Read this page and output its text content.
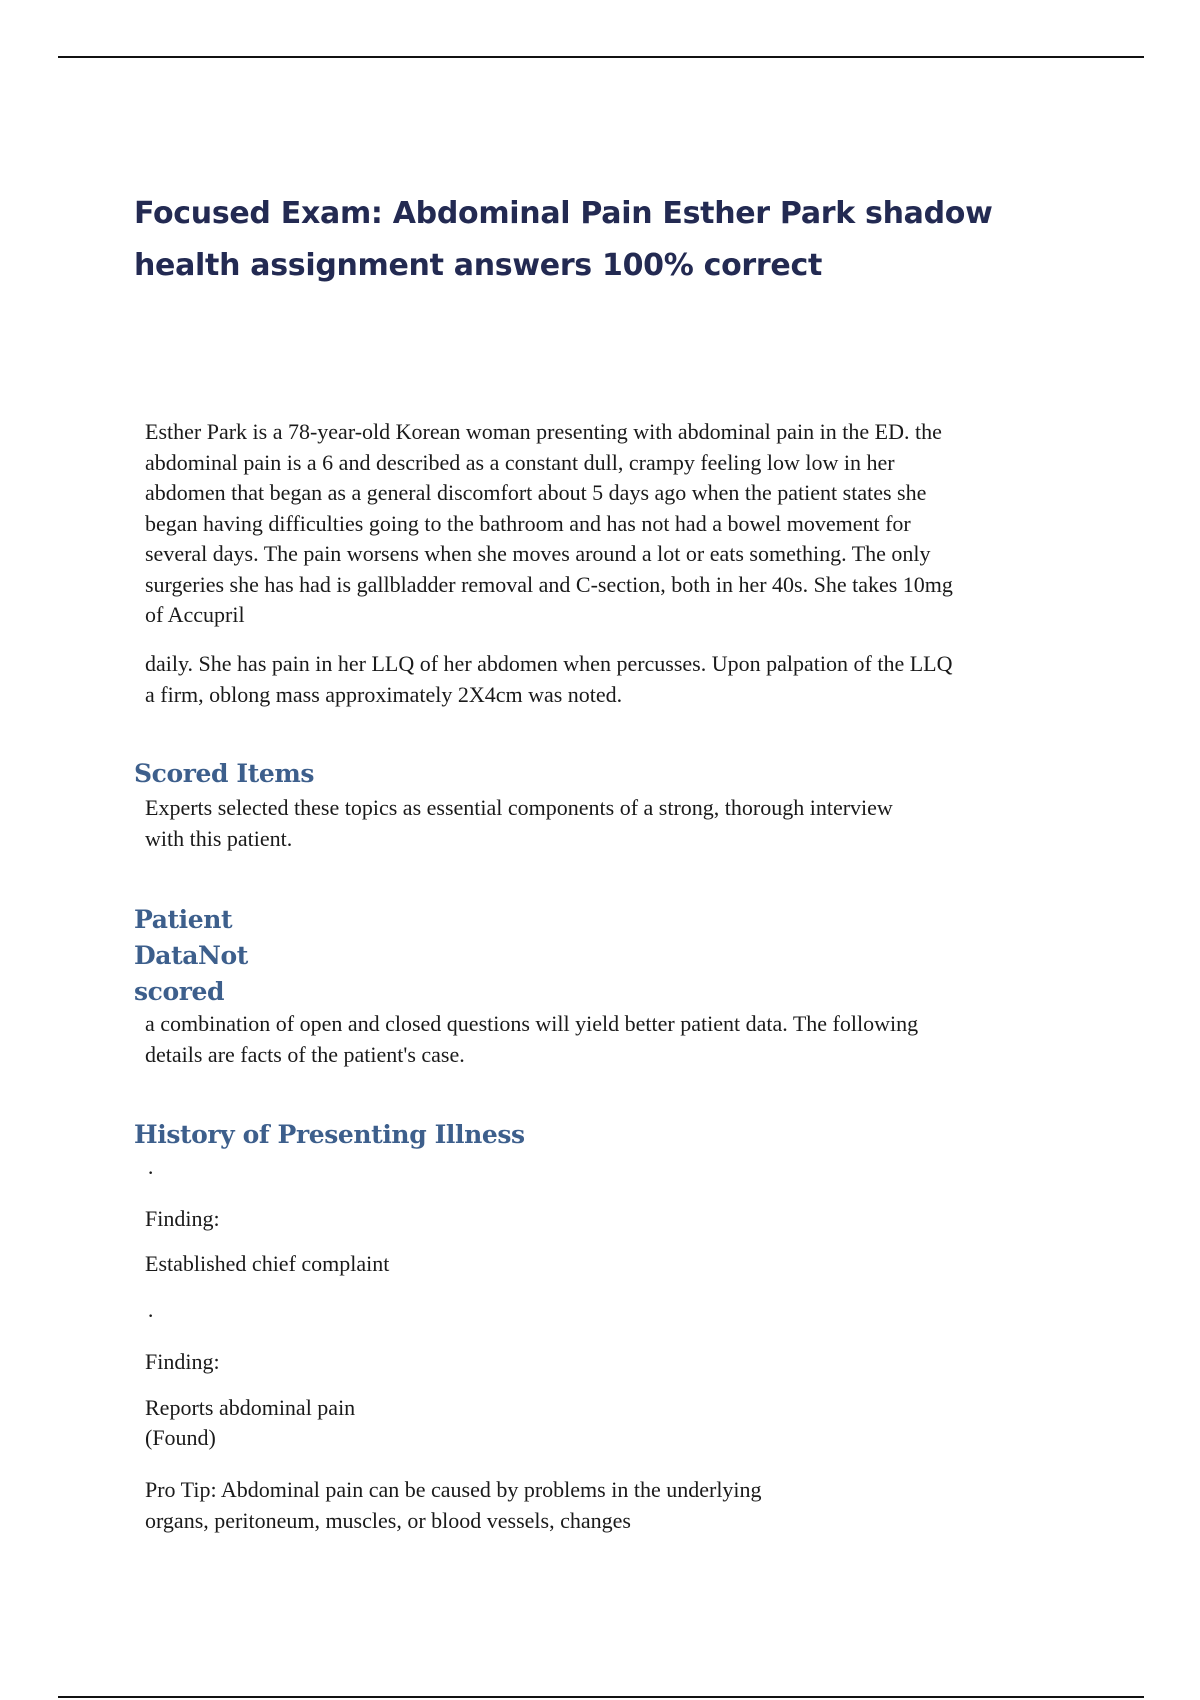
Focused Exam: Abdominal Pain Esther Park shadow health assignment answers 100% correct

Esther Park is a 78-year-old Korean woman presenting with abdominal pain in the ED. the abdominal pain is a 6 and described as a constant dull, crampy feeling low low in her abdomen that began as a general discomfort about 5 days ago when the patient states she began having difficulties going to the bathroom and has not had a bowel movement for several days. The pain worsens when she moves around a lot or eats something. The only surgeries she has had is gallbladder removal and C-section, both in her 40s. She takes 10mg of Accupril

daily. She has pain in her LLQ of her abdomen when percusses. Upon palpation of the LLQ a firm, oblong mass approximately 2X4cm was noted.

Scored Items

Experts selected these topics as essential components of a strong, thorough interview with this patient.

Patient DataNot scored

a combination of open and closed questions will yield better patient data. The following details are facts of the patient's case.

History of Presenting Illness
·

Finding:

Established chief complaint

·

Finding:

Reports abdominal pain

(Found)

Pro Tip: Abdominal pain can be caused by problems in the underlying organs, peritoneum, muscles, or blood vessels, changes
